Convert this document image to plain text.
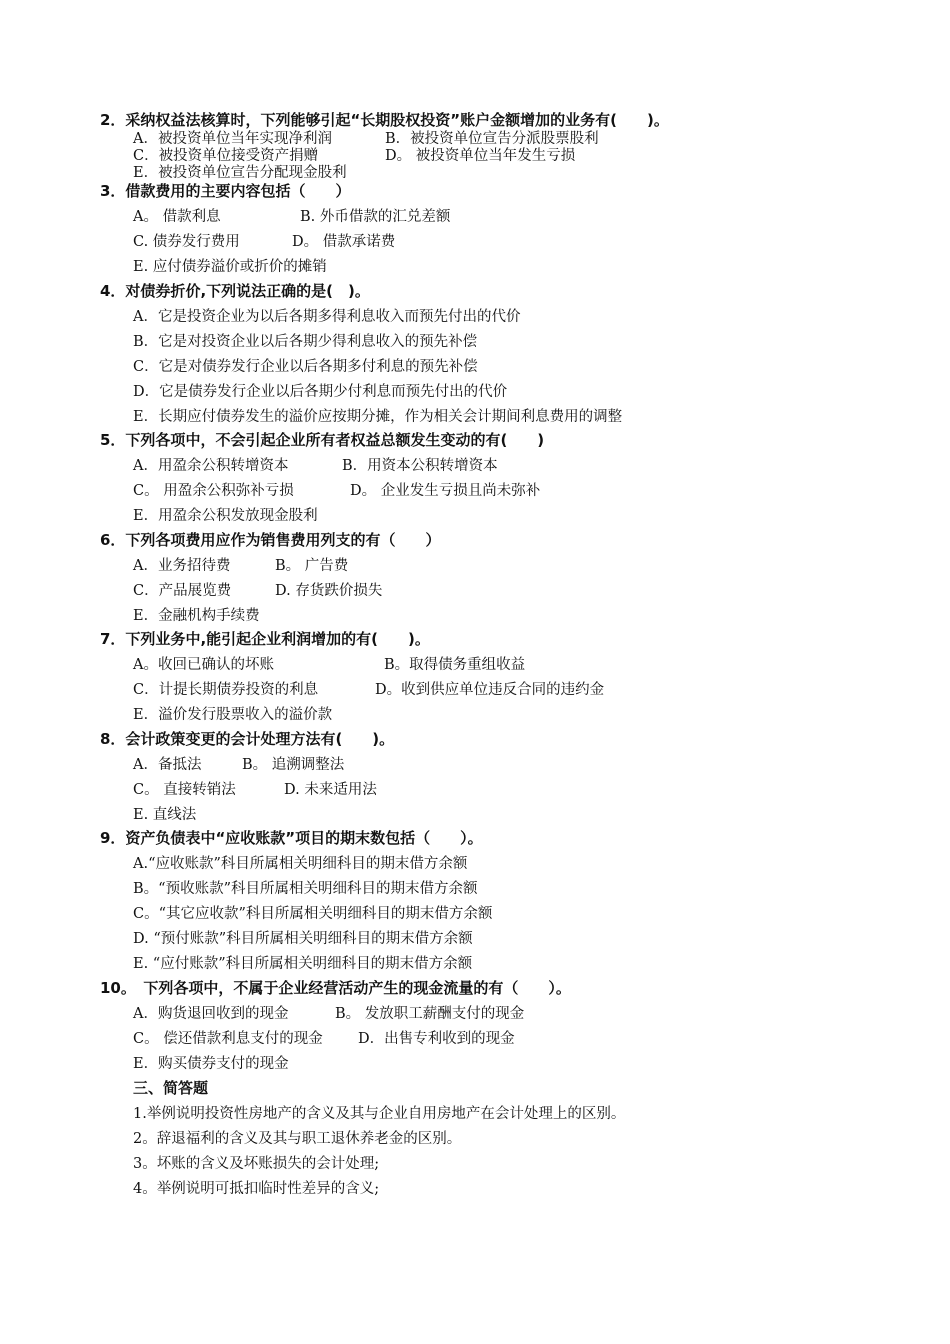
2．采纳权益法核算时，下列能够引起“长期股权投资”账户金额增加的业务有(　　)。
A．被投资单位当年实现净利润	B．被投资单位宣告分派股票股利
C．被投资单位接受资产捐赠	D。 被投资单位当年发生亏损
E．被投资单位宣告分配现金股利
3．借款费用的主要内容包括（　　）
A。 借款利息	B. 外币借款的汇兑差额
C. 债券发行费用	D。 借款承诺费
E. 应付债券溢价或折价的摊销
4．对债券折价,下列说法正确的是(　)。
A．它是投资企业为以后各期多得利息收入而预先付出的代价
B．它是对投资企业以后各期少得利息收入的预先补偿
C．它是对债券发行企业以后各期多付利息的预先补偿
D．它是债券发行企业以后各期少付利息而预先付出的代价
E．长期应付债券发生的溢价应按期分摊，作为相关会计期间利息费用的调整
5．下列各项中，不会引起企业所有者权益总额发生变动的有(　　)
A．用盈余公积转增资本	B．用资本公积转增资本
C。 用盈余公积弥补亏损	D。 企业发生亏损且尚未弥补
E．用盈余公积发放现金股利
6．下列各项费用应作为销售费用列支的有（　　）
A．业务招待费	B。 广告费
C．产品展览费	D. 存货跌价损失
E．金融机构手续费
7．下列业务中,能引起企业利润增加的有(　　)。
A。收回已确认的坏账	B。取得债务重组收益
C．计提长期债券投资的利息	D。收到供应单位违反合同的违约金
E．溢价发行股票收入的溢价款
8．会计政策变更的会计处理方法有(　　)。
A．备抵法	B。 追溯调整法
C。 直接转销法	D. 未来适用法
E. 直线法
9．资产负债表中“应收账款”项目的期末数包括（　　）。
A.“应收账款”科目所属相关明细科目的期末借方余额
B。“预收账款”科目所属相关明细科目的期末借方余额
C。“其它应收款”科目所属相关明细科目的期末借方余额
D. “预付账款”科目所属相关明细科目的期末借方余额
E. “应付账款”科目所属相关明细科目的期末借方余额
10。　下列各项中，不属于企业经营活动产生的现金流量的有（　　）。
A．购货退回收到的现金	B。 发放职工薪酬支付的现金
C。 偿还借款利息支付的现金 D．出售专利收到的现金
E．购买债券支付的现金
三、简答题
1.举例说明投资性房地产的含义及其与企业自用房地产在会计处理上的区别。
2。辞退福利的含义及其与职工退休养老金的区别。
3。坏账的含义及坏账损失的会计处理;
4。举例说明可抵扣临时性差异的含义;
